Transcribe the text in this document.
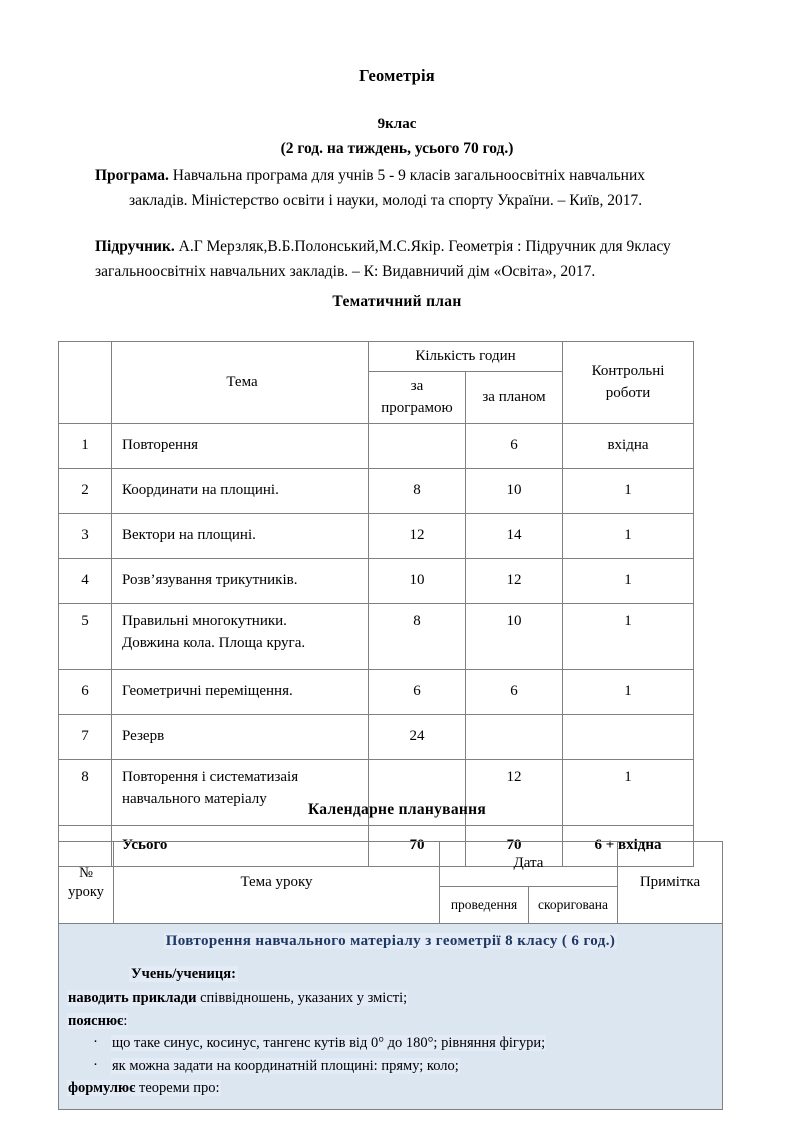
Геометрія
9клас
(2 год. на тиждень, усього 70 год.)
Програма. Навчальна програма для учнів 5 - 9 класів загальноосвітніх навчальних закладів. Міністерство освіти і науки, молоді та спорту України. – Київ, 2017.
Підручник. А.Г Мерзляк,В.Б.Полонський,М.С.Якір. Геометрія : Підручник для 9класу загальноосвітніх навчальних закладів. – К: Видавничий дім «Освіта», 2017.
Тематичний план
	Тема	Кількість годин		Контрольні роботи
		за програмою	за планом	
1	Повторення		6	вхідна
2	Координати на площині.	8	10	1
3	Вектори на площині.	12	14	1
4	Розв’язування трикутників.	10	12	1
5	Правильні многокутники.
Довжина кола. Площа круга.	8	10	1
6	Геометричні переміщення.	6	6	1
7	Резерв	24		
8	Повторення і систематизаія
навчального матеріалу		12	1
	Усього	70	70	6 + вхідна
Календарне планування
№
уроку	Тема уроку	Дата		Примітка
		проведення	скоригована	

Повторення навчального матеріалу з геометрії 8 класу ( 6 год.)
Учень/учениця:
наводить приклади співвідношень, указаних у змісті;
пояснює:
· що таке синус, косинус, тангенс кутів від 0° до 180°; рівняння фігури;
· як можна задати на координатній площині: пряму; коло;
формулює теореми про:
